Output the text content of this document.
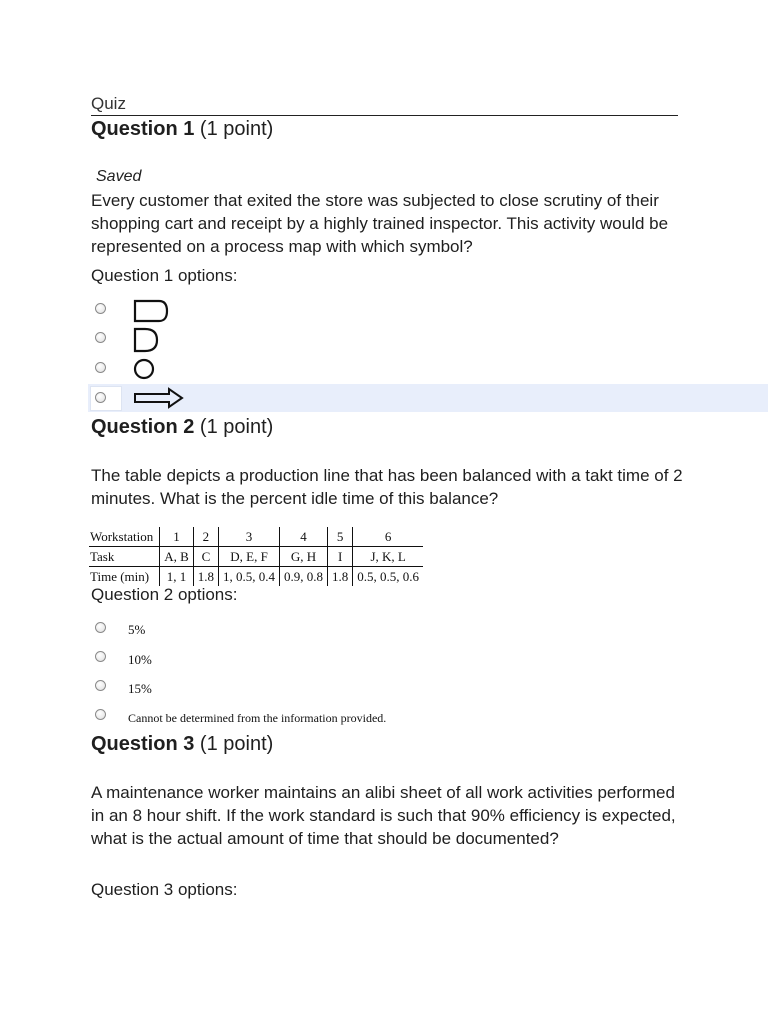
Quiz
Question 1 (1 point)
Saved
Every customer that exited the store was subjected to close scrutiny of their shopping cart and receipt by a highly trained inspector. This activity would be represented on a process map with which symbol?
Question 1 options:
Question 2 (1 point)
The table depicts a production line that has been balanced with a takt time of 2 minutes. What is the percent idle time of this balance?
Workstation	1	2	3	4	5	6
Task	A, B	C	D, E, F	G, H	I	J, K, L
Time (min)	1, 1	1.8	1, 0.5, 0.4	0.9, 0.8	1.8	0.5, 0.5, 0.6
Question 2 options:
5%
10%
15%
Cannot be determined from the information provided.
Question 3 (1 point)
A maintenance worker maintains an alibi sheet of all work activities performed in an 8 hour shift. If the work standard is such that 90% efficiency is expected, what is the actual amount of time that should be documented?
Question 3 options:
